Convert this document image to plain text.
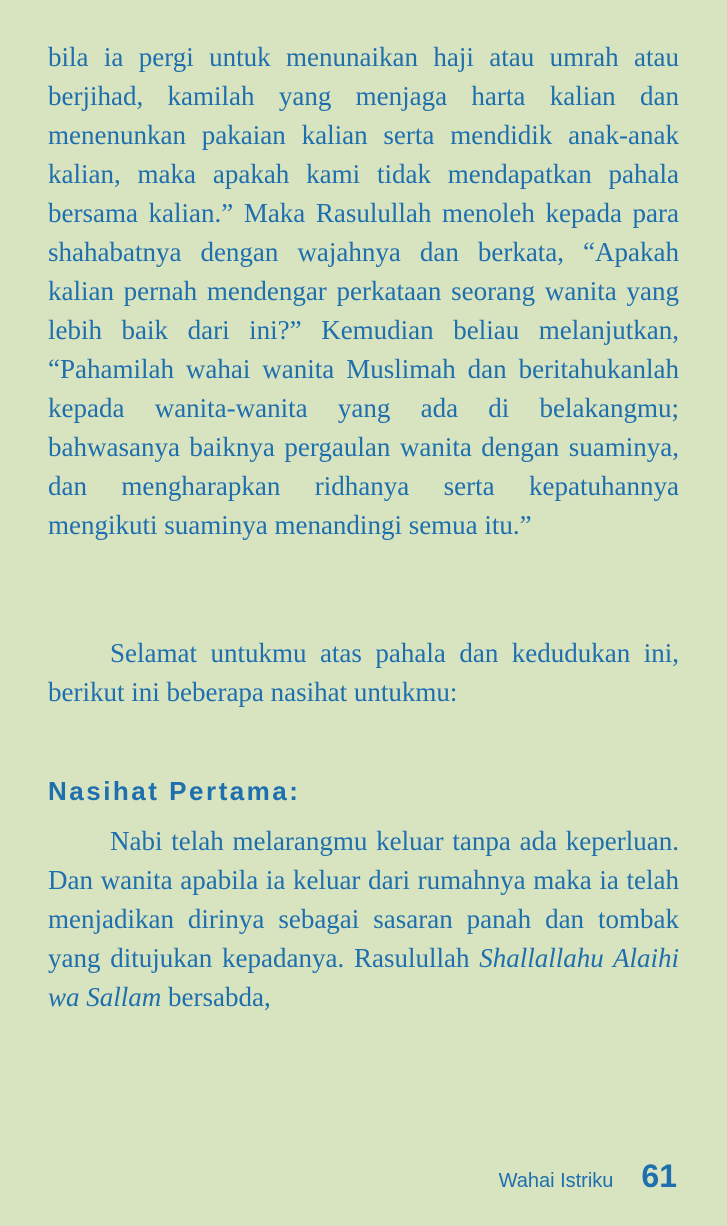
bila ia pergi untuk menunaikan haji atau umrah atau berjihad, kamilah yang menjaga harta kalian dan menenunkan pakaian kalian serta mendidik anak-anak kalian, maka apakah kami tidak mendapatkan pahala bersama kalian.” Maka Rasulullah menoleh kepada para shahabatnya dengan wajahnya dan berkata, “Apakah kalian pernah mendengar perkataan seorang wanita yang lebih baik dari ini?” Kemudian beliau melanjutkan, “Pahamilah wahai wanita Muslimah dan beritahukanlah kepada wanita-wanita yang ada di belakangmu; bahwasanya baiknya pergaulan wanita dengan suaminya, dan mengharapkan ridhanya serta kepatuhannya mengikuti suaminya menandingi semua itu.”

Selamat untukmu atas pahala dan kedudukan ini, berikut ini beberapa nasihat untukmu:

Nasihat Pertama:

Nabi telah melarangmu keluar tanpa ada keperluan. Dan wanita apabila ia keluar dari rumahnya maka ia telah menjadikan dirinya sebagai sasaran panah dan tombak yang ditujukan kepadanya. Rasulullah Shallallahu Alaihi wa Sallam bersabda,

Wahai Istriku 61
